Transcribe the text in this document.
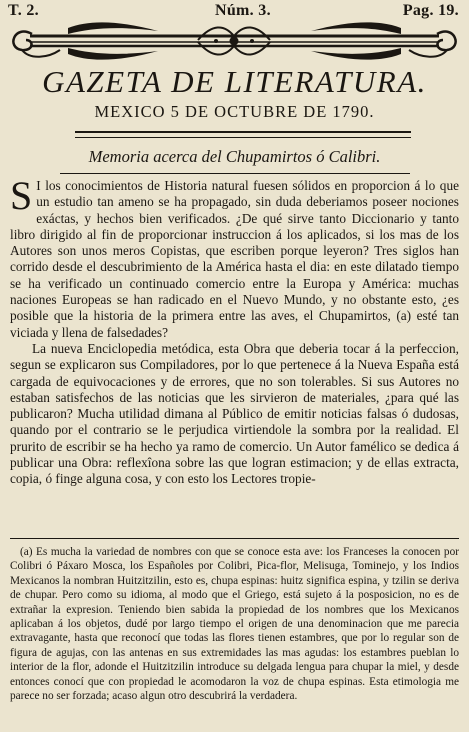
T. 2.	Núm. 3.	Pag. 19.
GAZETA DE LITERATURA.
MEXICO 5 DE OCTUBRE DE 1790.
Memoria acerca del Chupamirtos ó Calibri.

S I los conocimientos de Historia natural fuesen sólidos en proporcion á lo que un estudio tan ameno se ha propagado, sin duda deberiamos poseer nociones exáctas, y hechos bien verificados. ¿De qué sirve tanto Diccionario y tanto libro dirigido al fin de proporcionar instruccion á los aplicados, si los mas de los Autores son unos meros Copistas, que escriben porque leyeron? Tres siglos han corrido desde el descubrimiento de la América hasta el dia: en este dilatado tiempo se ha verificado un continuado comercio entre la Europa y América: muchas naciones Europeas se han radicado en el Nuevo Mundo, y no obstante esto, ¿es posible que la historia de la primera entre las aves, el Chupamirtos, (a) esté tan viciada y llena de falsedades?

La nueva Enciclopedia metódica, esta Obra que deberia tocar á la perfeccion, segun se explicaron sus Compiladores, por lo que pertenece á la Nueva España está cargada de equivocaciones y de errores, que no son tolerables. Si sus Autores no estaban satisfechos de las noticias que les sirvieron de materiales, ¿para qué las publicaron? Mucha utilidad dimana al Público de emitir noticias falsas ó dudosas, quando por el contrario se le perjudica virtiendole la sombra por la realidad. El prurito de escribir se ha hecho ya ramo de comercio. Un Autor famélico se dedica á publicar una Obra: reflexîona sobre las que logran estimacion; y de ellas extracta, copia, ó finge alguna cosa, y con esto los Lectores tropie-

(a) Es mucha la variedad de nombres con que se conoce esta ave: los Franceses la conocen por Colibri ó Páxaro Mosca, los Españoles por Colibri, Pica-flor, Melisuga, Tominejo, y los Indios Mexicanos la nombran Huitzitzilin, esto es, chupa espinas: huitz significa espina, y tzilin se deriva de chupar. Pero como su idioma, al modo que el Griego, está sujeto á la posposicion, no es de extrañar la expresion. Teniendo bien sabida la propiedad de los nombres que los Mexicanos aplicaban á los objetos, dudé por largo tiempo el origen de una denominacion que me parecia extravagante, hasta que reconocí que todas las flores tienen estambres, que por lo regular son de figura de agujas, con las antenas en sus extremidades las mas agudas: los estambres pueblan lo interior de la flor, adonde el Huitzitzilin introduce su delgada lengua para chupar la miel, y desde entonces conocí que con propiedad le acomodaron la voz de chupa espinas. Esta etimologia me parece no ser forzada; acaso algun otro descubrirá la verdadera.
